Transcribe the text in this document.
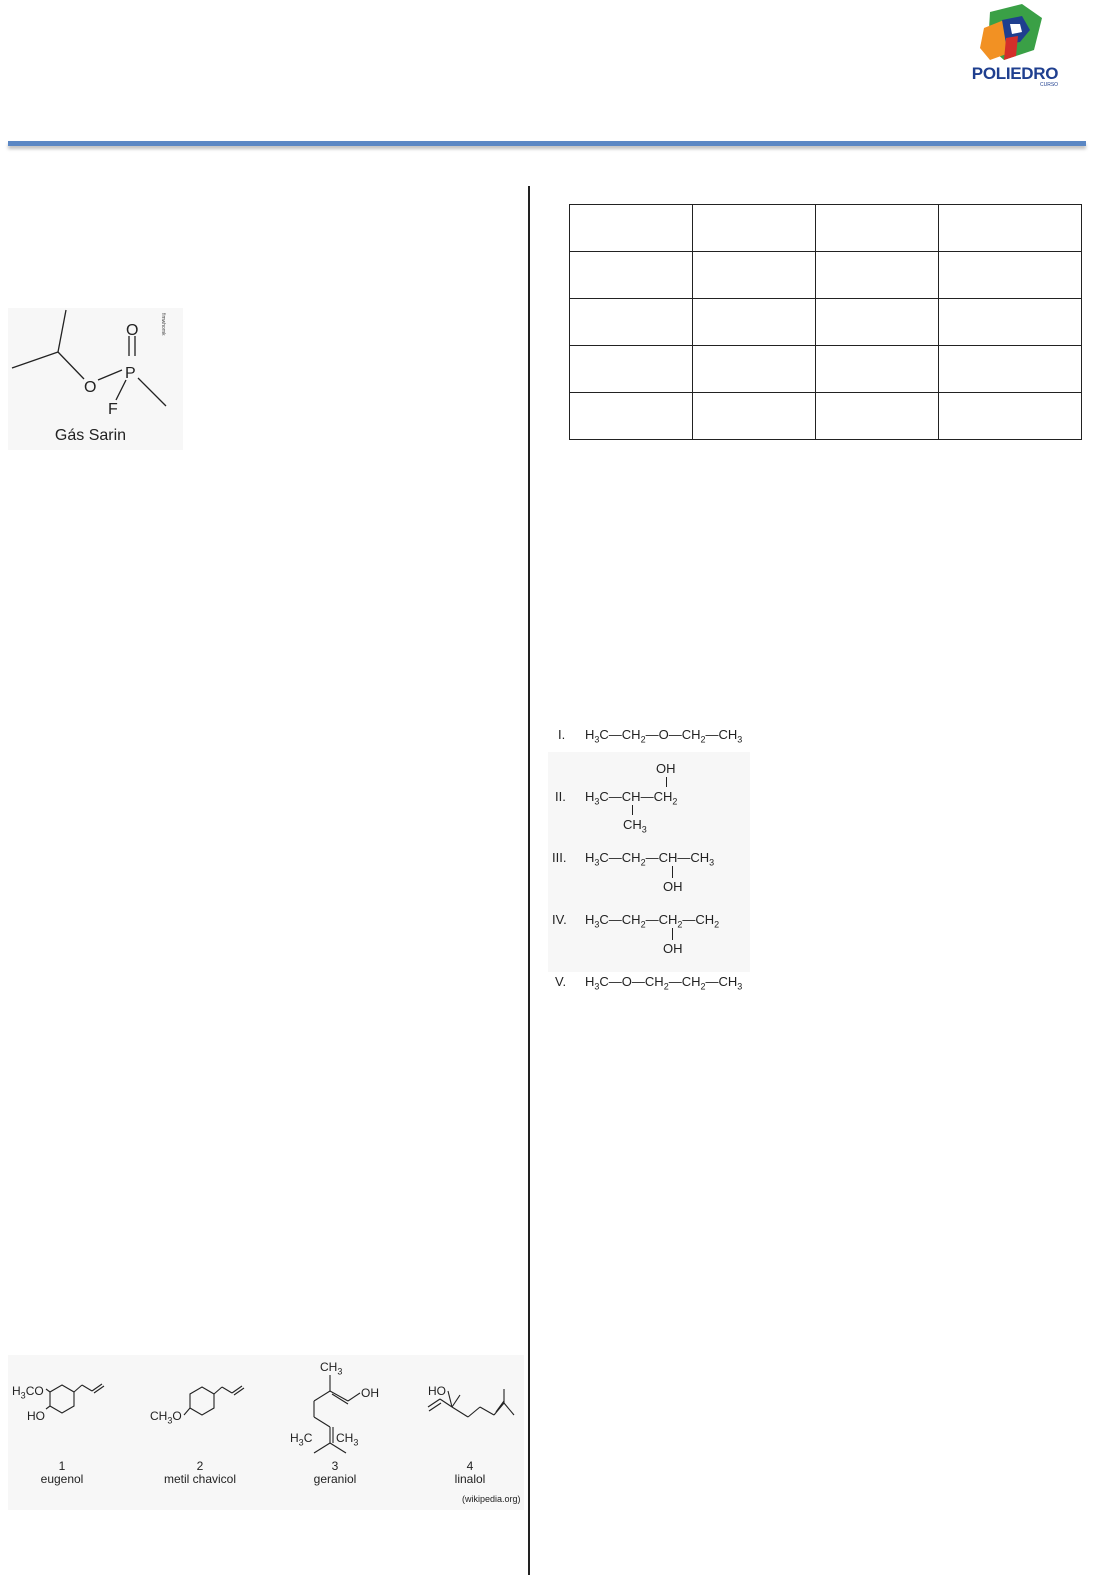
POLIEDRO
CURSO
O
P
O
F
fimwhomk
Gás Sarin

I. $H_3C—CH_2—O—CH_2—CH_3$
OH
II. $H_3C—CH—CH_2$
$CH_3$
III. $H_3C—CH_2—CH—CH_3$
OH
IV. $H_3C—CH_2—CH_2—CH_2$
OH
V. $H_3C—O—CH_2—CH_2—CH_3$
$H_3CO$
HO	$CH_3O$
$CH_3$
OH
$H_3C$ $CH_3$
HO
1
eugenol
2
metil chavicol
3
geraniol
4
linalol
(wikipedia.org)
